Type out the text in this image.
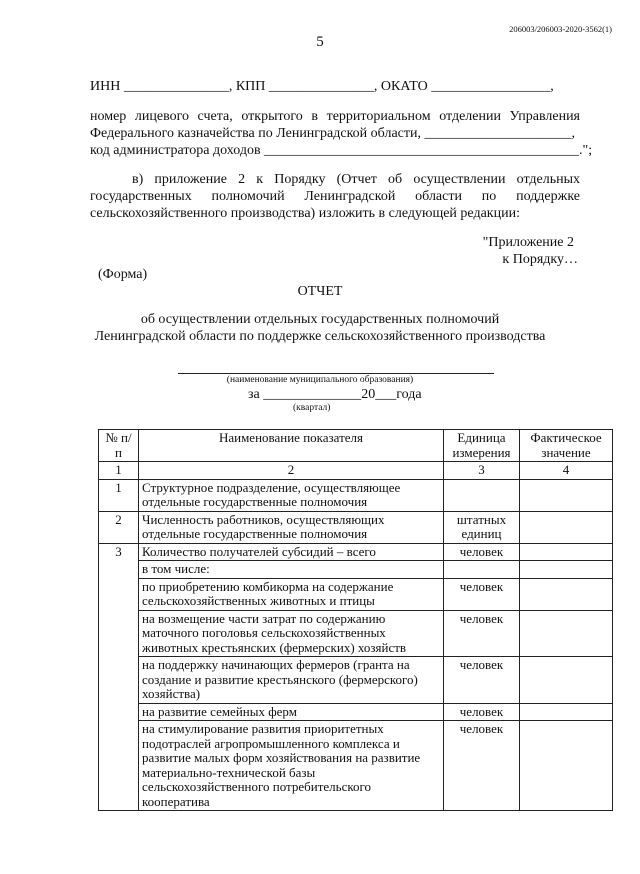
206003/206003-2020-3562(1)
5
ИНН _______________, КПП _______________, ОКАТО _________________,
номер лицевого счета, открытого в территориальном отделении Управления
Федерального казначейства по Ленинградской области, _____________________,
код администратора доходов _____________________________________________.";
в) приложение 2 к Порядку (Отчет об осуществлении отдельных
государственных полномочий Ленинградской области по поддержке
сельскохозяйственного производства) изложить в следующей редакции:
"Приложение 2
к Порядку…
(Форма)
ОТЧЕТ
об осуществлении отдельных государственных полномочий
Ленинградской области по поддержке сельскохозяйственного производства
(наименование муниципального образования)
за ______________20___года
(квартал)
№ п/п	Наименование показателя	Единица измерения	Фактическое значение
1	2	3	4
1	Структурное подразделение, осуществляющее отдельные государственные полномочия		
2	Численность работников, осуществляющих отдельные государственные полномочия	штатных единиц	
3	Количество получателей субсидий – всего	человек	
	в том числе:		
	по приобретению комбикорма на содержание сельскохозяйственных животных и птицы	человек	
	на возмещение части затрат по содержанию маточного поголовья сельскохозяйственных животных крестьянских (фермерских) хозяйств	человек	
	на поддержку начинающих фермеров (гранта на создание и развитие крестьянского (фермерского) хозяйства)	человек	
	на развитие семейных ферм	человек	
	на стимулирование развития приоритетных подотраслей агропромышленного комплекса и развитие малых форм хозяйствования на развитие материально-технической базы сельскохозяйственного потребительского кооператива	человек	
